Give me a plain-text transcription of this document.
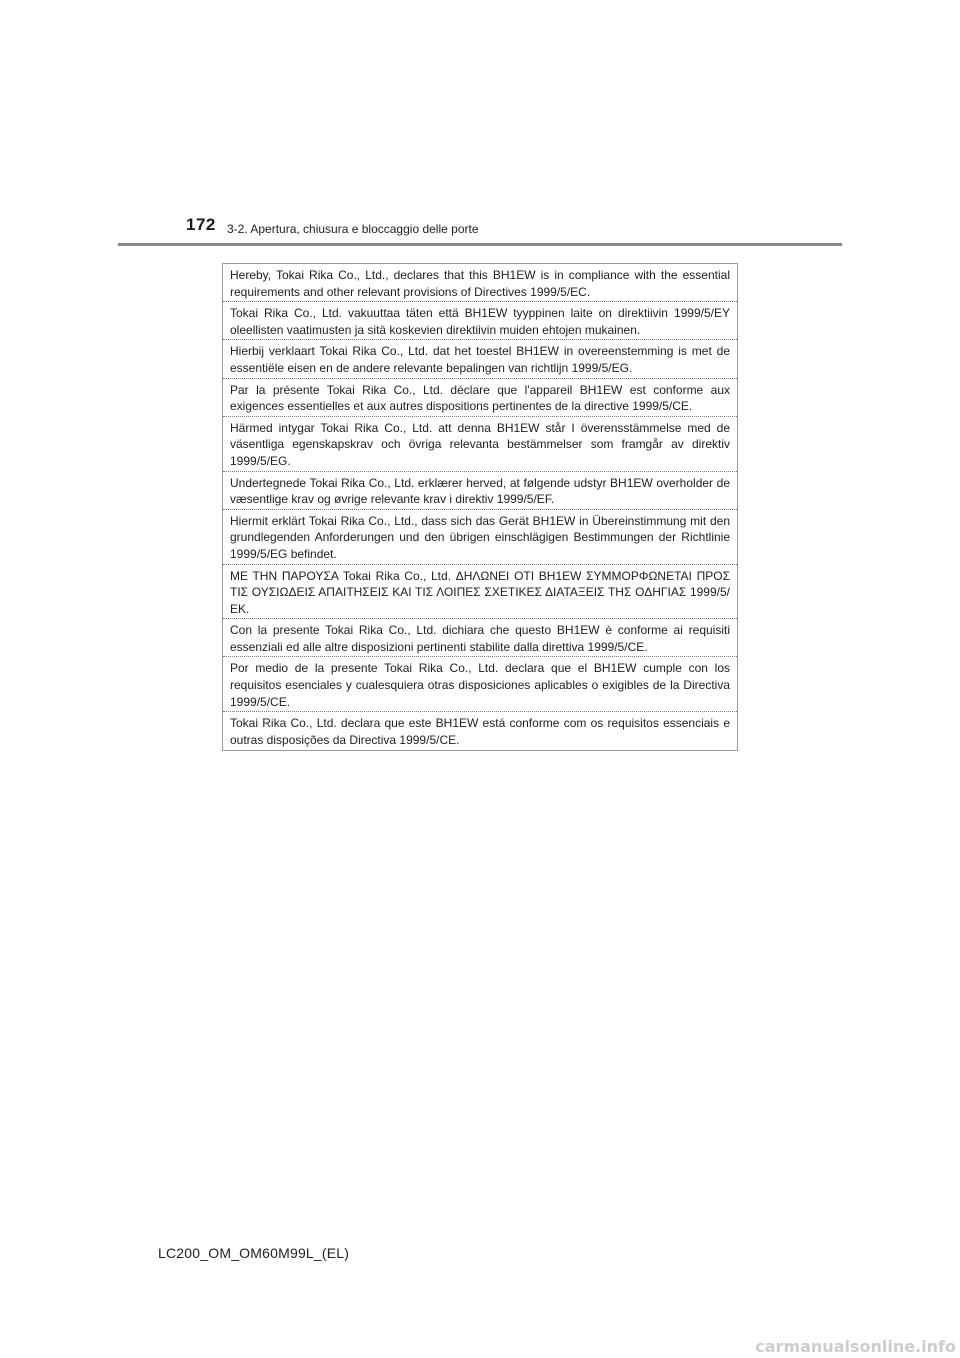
172 3-2. Apertura, chiusura e bloccaggio delle porte
Hereby, Tokai Rika Co., Ltd., declares that this BH1EW is in compliance with the essential requirements and other relevant provisions of Directives 1999/5/EC.
Tokai Rika Co., Ltd. vakuuttaa täten että BH1EW tyyppinen laite on direktiivin 1999/5/EY oleellisten vaatimusten ja sitä koskevien direktiivin muiden ehtojen mukainen.
Hierbij verklaart Tokai Rika Co., Ltd. dat het toestel BH1EW in overeenstemming is met de essentiële eisen en de andere relevante bepalingen van richtlijn 1999/5/EG.
Par la présente Tokai Rika Co., Ltd. déclare que l'appareil BH1EW est conforme aux exigences essentielles et aux autres dispositions pertinentes de la directive 1999/5/CE.
Härmed intygar Tokai Rika Co., Ltd. att denna BH1EW står I överensstämmelse med de väsentliga egenskapskrav och övriga relevanta bestämmelser som framgår av direktiv 1999/5/EG.
Undertegnede Tokai Rika Co., Ltd. erklærer herved, at følgende udstyr BH1EW overholder de væsentlige krav og øvrige relevante krav i direktiv 1999/5/EF.
Hiermit erklärt Tokai Rika Co., Ltd., dass sich das Gerät BH1EW in Übereinstimmung mit den grundlegenden Anforderungen und den übrigen einschlägigen Bestimmungen der Richtlinie 1999/5/EG befindet.
ΜΕ ΤΗΝ ΠΑΡΟΥΣΑ Tokai Rika Co., Ltd. ΔΗΛΩΝΕΙ ΟΤΙ BH1EW ΣΥΜΜΟΡΦΩΝΕΤΑΙ ΠΡΟΣ ΤΙΣ ΟΥΣΙΩΔΕΙΣ ΑΠΑΙΤΗΣΕΙΣ ΚΑΙ ΤΙΣ ΛΟΙΠΕΣ ΣΧΕΤΙΚΕΣ ΔΙΑΤΑΞΕΙΣ ΤΗΣ ΟΔΗΓΙΑΣ 1999/5/ΕΚ.
Con la presente Tokai Rika Co., Ltd. dichiara che questo BH1EW è conforme ai requisiti essenziali ed alle altre disposizioni pertinenti stabilite dalla direttiva 1999/5/CE.
Por medio de la presente Tokai Rika Co., Ltd. declara que el BH1EW cumple con los requisitos esenciales y cualesquiera otras disposiciones aplicables o exigibles de la Directiva 1999/5/CE.
Tokai Rika Co., Ltd. declara que este BH1EW está conforme com os requisitos essenciais e outras disposições da Directiva 1999/5/CE.
LC200_OM_OM60M99L_(EL)
carmanualsonline.info
